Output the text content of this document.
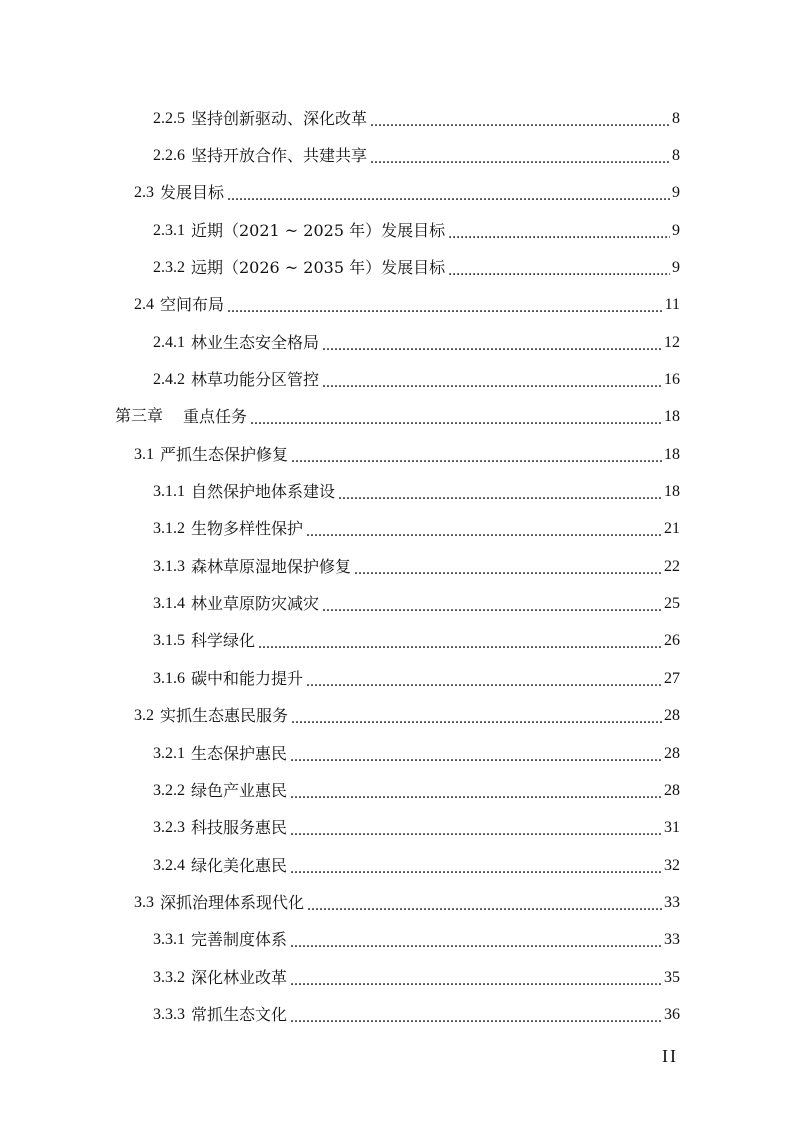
2.2.5 坚持创新驱动、深化改革 .....	8
2.2.6 坚持开放合作、共建共享 .....	8
2.3 发展目标 .....	9
2.3.1 近期（2021 ~ 2025 年）发展目标 .....	9
2.3.2 远期（2026 ~ 2035 年）发展目标 .....	9
2.4 空间布局 .....	11
2.4.1 林业生态安全格局 .....	12
2.4.2 林草功能分区管控 .....	16
第三章 重点任务 .....	18
3.1 严抓生态保护修复 .....	18
3.1.1 自然保护地体系建设 .....	18
3.1.2 生物多样性保护 .....	21
3.1.3 森林草原湿地保护修复 .....	22
3.1.4 林业草原防灾减灾 .....	25
3.1.5 科学绿化 .....	26
3.1.6 碳中和能力提升 .....	27
3.2 实抓生态惠民服务 .....	28
3.2.1 生态保护惠民 .....	28
3.2.2 绿色产业惠民 .....	28
3.2.3 科技服务惠民 .....	31
3.2.4 绿化美化惠民 .....	32
3.3 深抓治理体系现代化 .....	33
3.3.1 完善制度体系 .....	33
3.3.2 深化林业改革 .....	35
3.3.3 常抓生态文化 .....	36
II
